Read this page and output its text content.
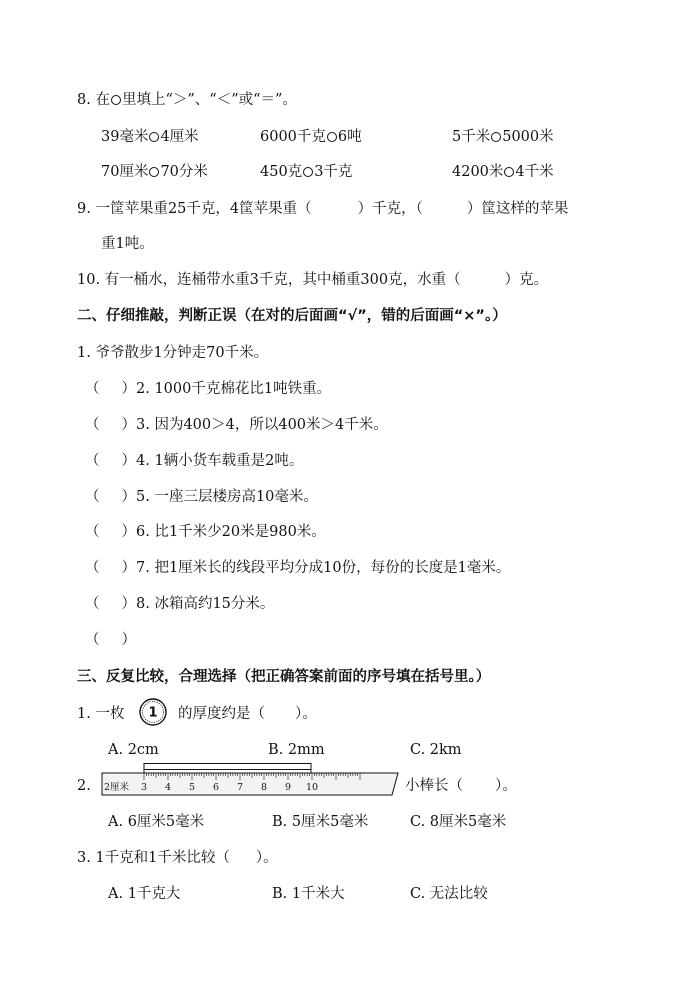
8. 在 里填上“＞”、“＜”或“＝”。
39毫米 4厘米	6000千克 6吨	5千米 5000米
70厘米 70分米	450克 3千克	4200米 4千米
9. 一筐苹果重25千克，4筐苹果重（	）千克，（	）筐这样的苹果
重1吨。
10. 有一桶水，连桶带水重3千克，其中桶重300克，水重（	）克。
二、仔细推敲，判断正误（在对的后面画“√”，错的后面画“×”。）
1. 爷爷散步1分钟走70千米。
（ ）2. 1000千克棉花比1吨铁重。
（ ）3. 因为400＞4，所以400米＞4千米。
（ ）4. 1辆小货车载重是2吨。
（ ）5. 一座三层楼房高10毫米。
（ ）6. 比1千米少20米是980米。
（ ）7. 把1厘米长的线段平均分成10份，每份的长度是1毫米。
（ ）8. 冰箱高约15分米。
（ ）
三、反复比较，合理选择（把正确答案前面的序号填在括号里。）
1. 一枚 1 的厚度约是（ ）。
A. 2cm	B. 2mm	C. 2km
2. 2厘米 3 4 5 6 7 8 9 10	小棒长（ ）。
A. 6厘米5毫米	B. 5厘米5毫米	C. 8厘米5毫米
3. 1千克和1千米比较（ ）。
A. 1千克大	B. 1千米大	C. 无法比较
